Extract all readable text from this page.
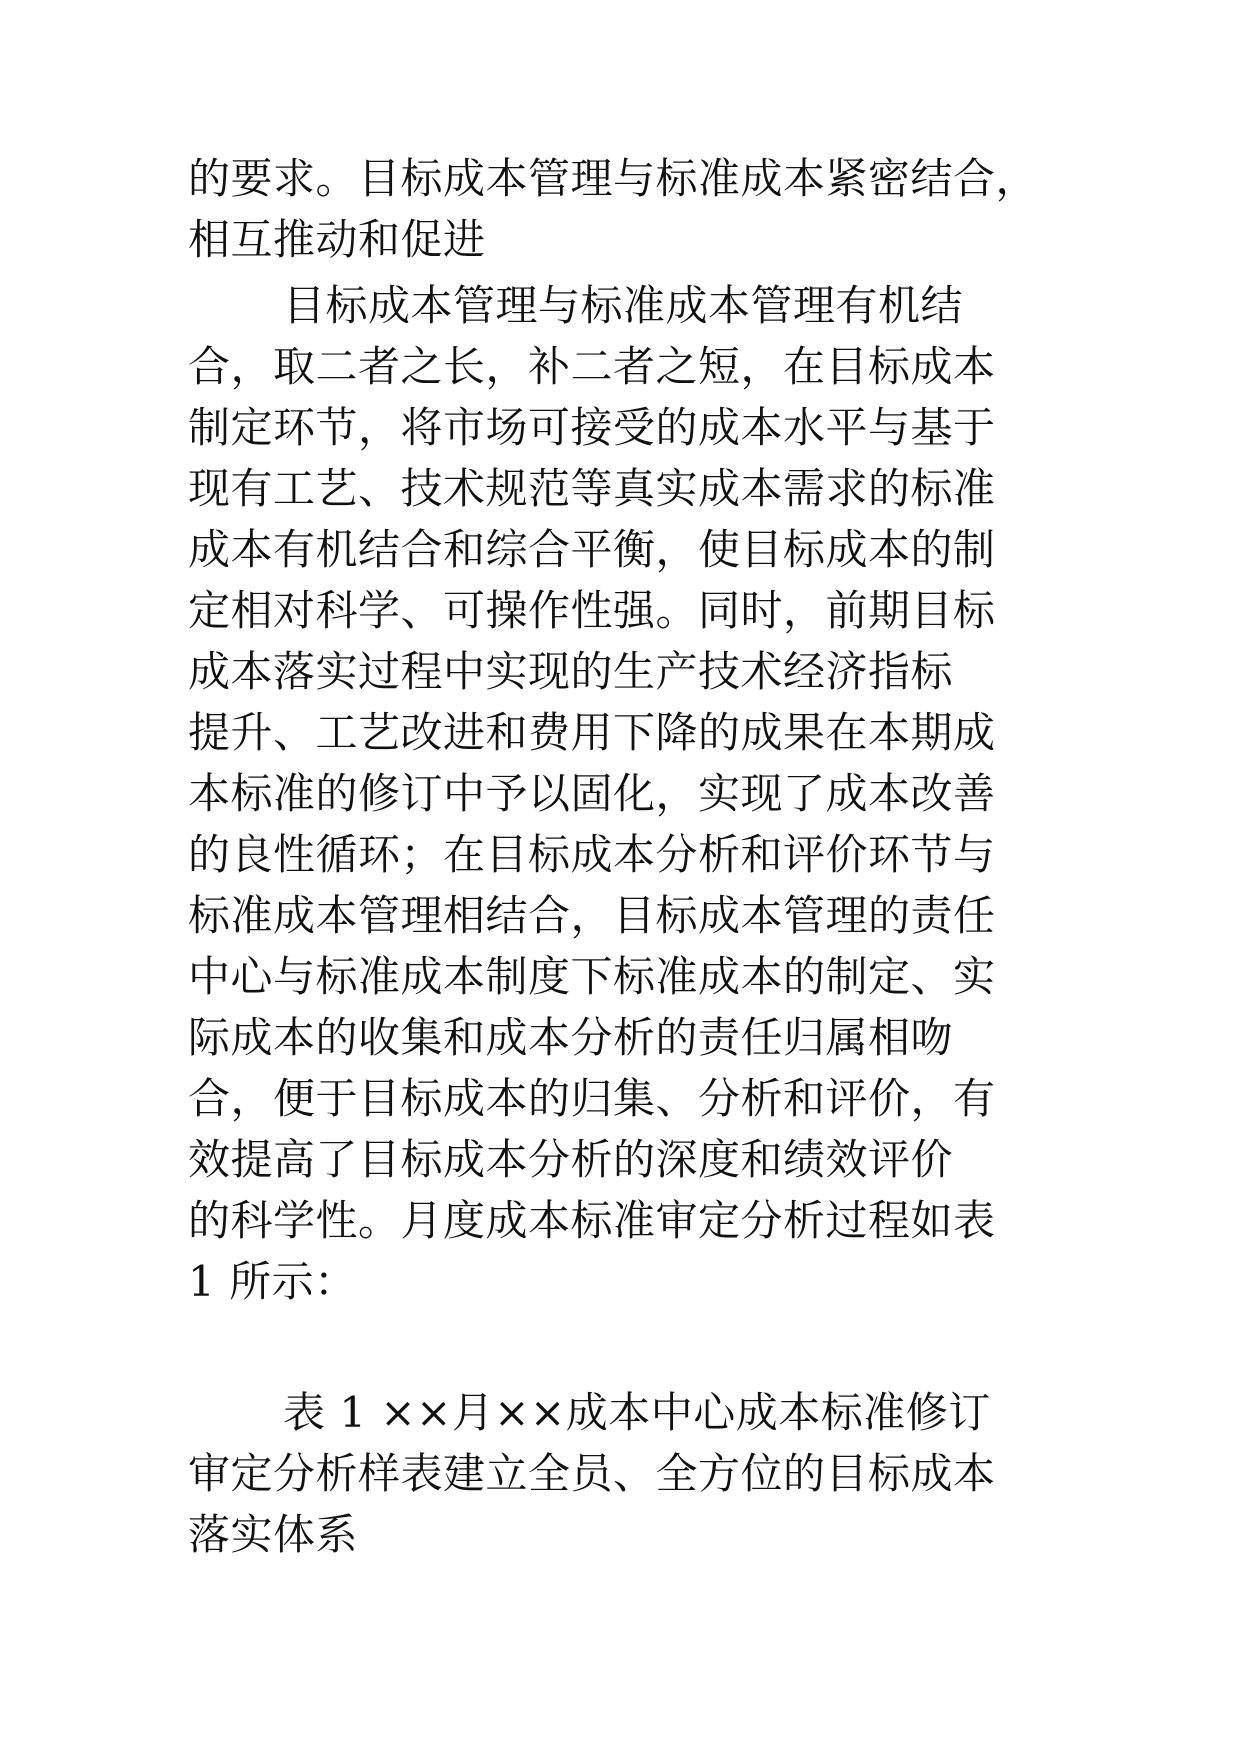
的要求。目标成本管理与标准成本紧密结合，
相互推动和促进
目标成本管理与标准成本管理有机结
合，取二者之长，补二者之短，在目标成本
制定环节，将市场可接受的成本水平与基于
现有工艺、技术规范等真实成本需求的标准
成本有机结合和综合平衡，使目标成本的制
定相对科学、可操作性强。同时，前期目标
成本落实过程中实现的生产技术经济指标
提升、工艺改进和费用下降的成果在本期成
本标准的修订中予以固化，实现了成本改善
的良性循环；在目标成本分析和评价环节与
标准成本管理相结合，目标成本管理的责任
中心与标准成本制度下标准成本的制定、实
际成本的收集和成本分析的责任归属相吻
合，便于目标成本的归集、分析和评价，有
效提高了目标成本分析的深度和绩效评价
的科学性。月度成本标准审定分析过程如表
1 所示：
表 1 ××月××成本中心成本标准修订
审定分析样表建立全员、全方位的目标成本
落实体系
